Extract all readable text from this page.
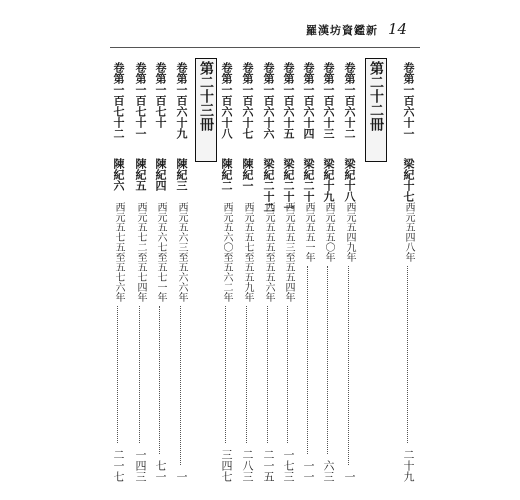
羅漢坊資鑑新 14
第二十二冊
第二十三冊	卷第一百六十一
梁紀十七
西元五四八年
二十九
卷第一百六十二
梁紀十八
西元五四九年
一
卷第一百六十三
梁紀十九
西元五五〇年
六三
卷第一百六十四
梁紀二十
西元五五一年
一一
卷第一百六十五
梁紀二十一
西元五五三至五五四年
一七三
卷第一百六十六
梁紀二十二
西元五五五至五五六年
二一五
卷第一百六十七
陳紀一
西元五五七至五五九年
二八三
卷第一百六十八
陳紀二
西元五六〇至五六二年
三四七
卷第一百六十九
陳紀三
西元五六三至五六六年
一
卷第一百七十
陳紀四
西元五六七至五七一年
七一
卷第一百七十一
陳紀五
西元五七二至五七四年
一四三
卷第一百七十二
陳紀六
西元五七五至五七六年
二一七
